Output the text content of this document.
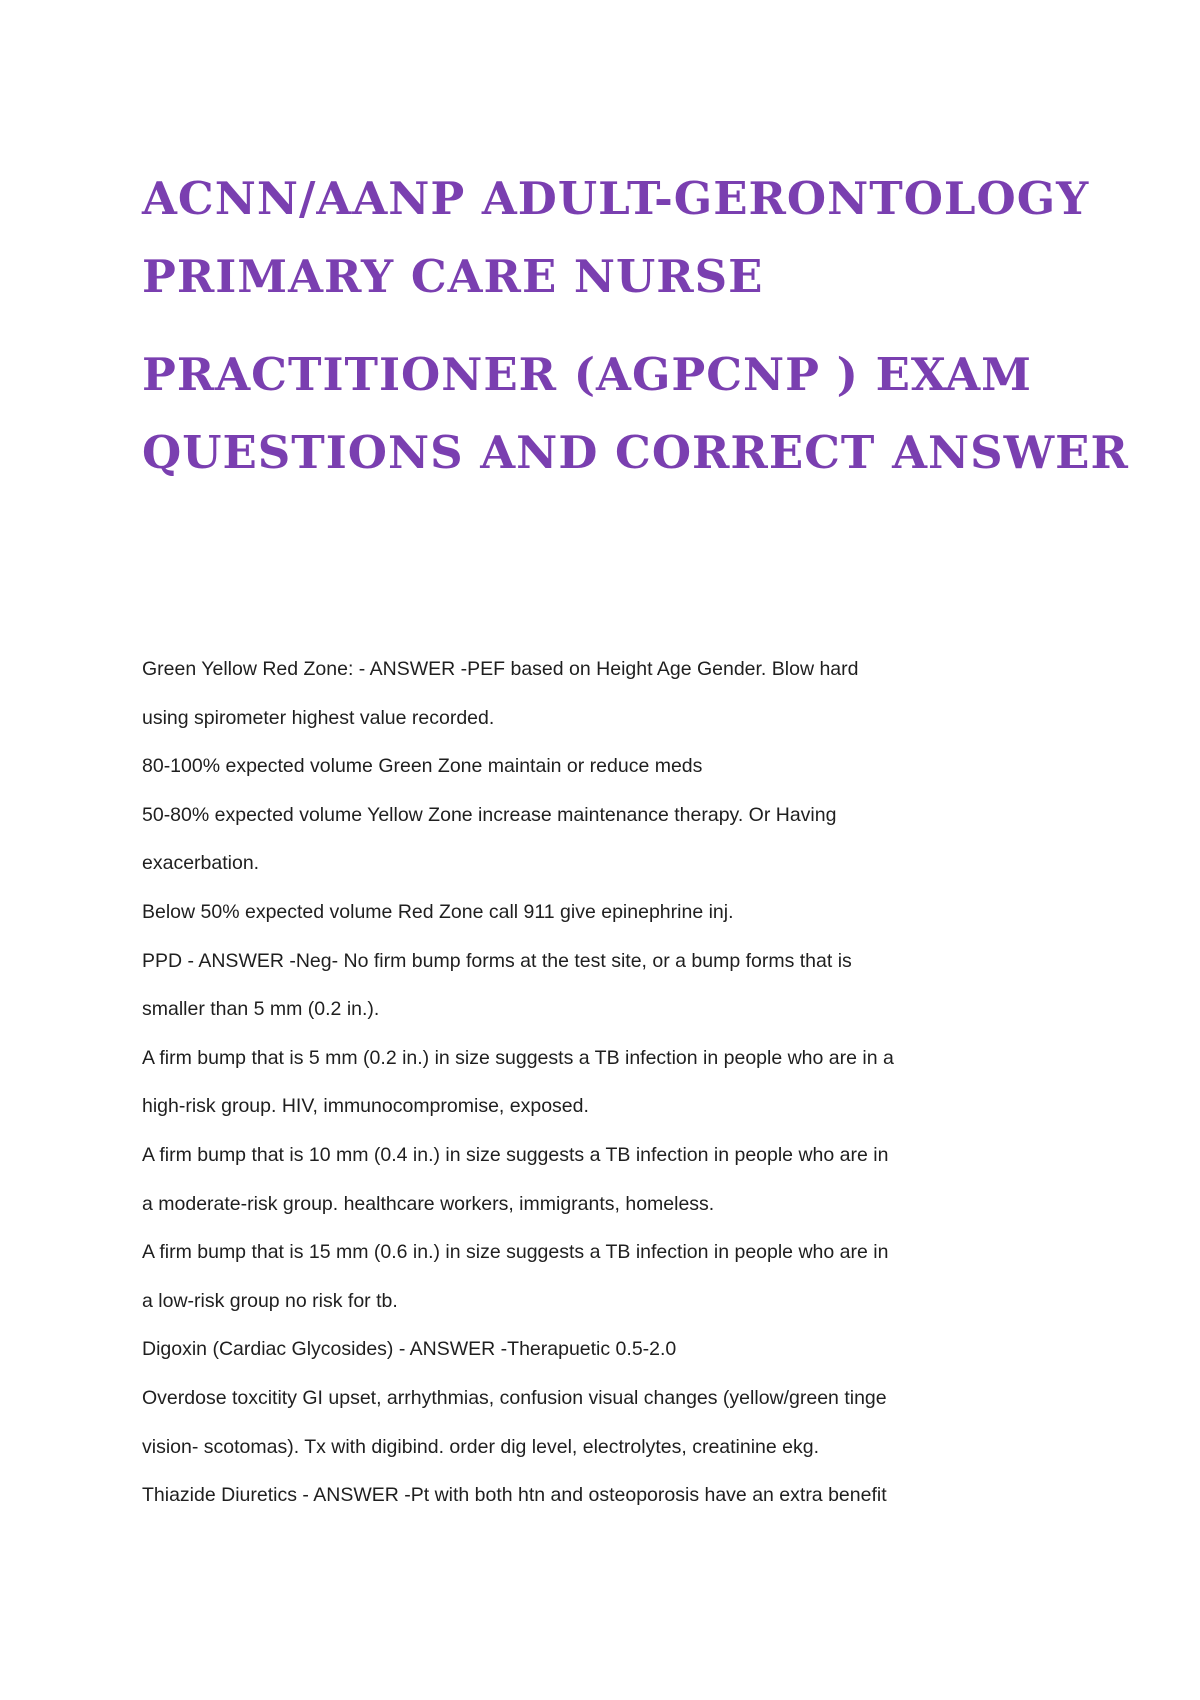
ACNN/AANP ADULT-GERONTOLOGY
PRIMARY CARE NURSE
PRACTITIONER (AGPCNP ) EXAM
QUESTIONS AND CORRECT ANSWER
Green Yellow Red Zone: - ANSWER -PEF based on Height Age Gender. Blow hard
using spirometer highest value recorded.
80-100% expected volume Green Zone maintain or reduce meds
50-80% expected volume Yellow Zone increase maintenance therapy. Or Having
exacerbation.
Below 50% expected volume Red Zone call 911 give epinephrine inj.
PPD - ANSWER -Neg- No firm bump forms at the test site, or a bump forms that is
smaller than 5 mm (0.2 in.).
A firm bump that is 5 mm (0.2 in.) in size suggests a TB infection in people who are in a
high-risk group. HIV, immunocompromise, exposed.
A firm bump that is 10 mm (0.4 in.) in size suggests a TB infection in people who are in
a moderate-risk group. healthcare workers, immigrants, homeless.
A firm bump that is 15 mm (0.6 in.) in size suggests a TB infection in people who are in
a low-risk group no risk for tb.
Digoxin (Cardiac Glycosides) - ANSWER -Therapuetic 0.5-2.0
Overdose toxcitity GI upset, arrhythmias, confusion visual changes (yellow/green tinge
vision- scotomas). Tx with digibind. order dig level, electrolytes, creatinine ekg.
Thiazide Diuretics - ANSWER -Pt with both htn and osteoporosis have an extra benefit
